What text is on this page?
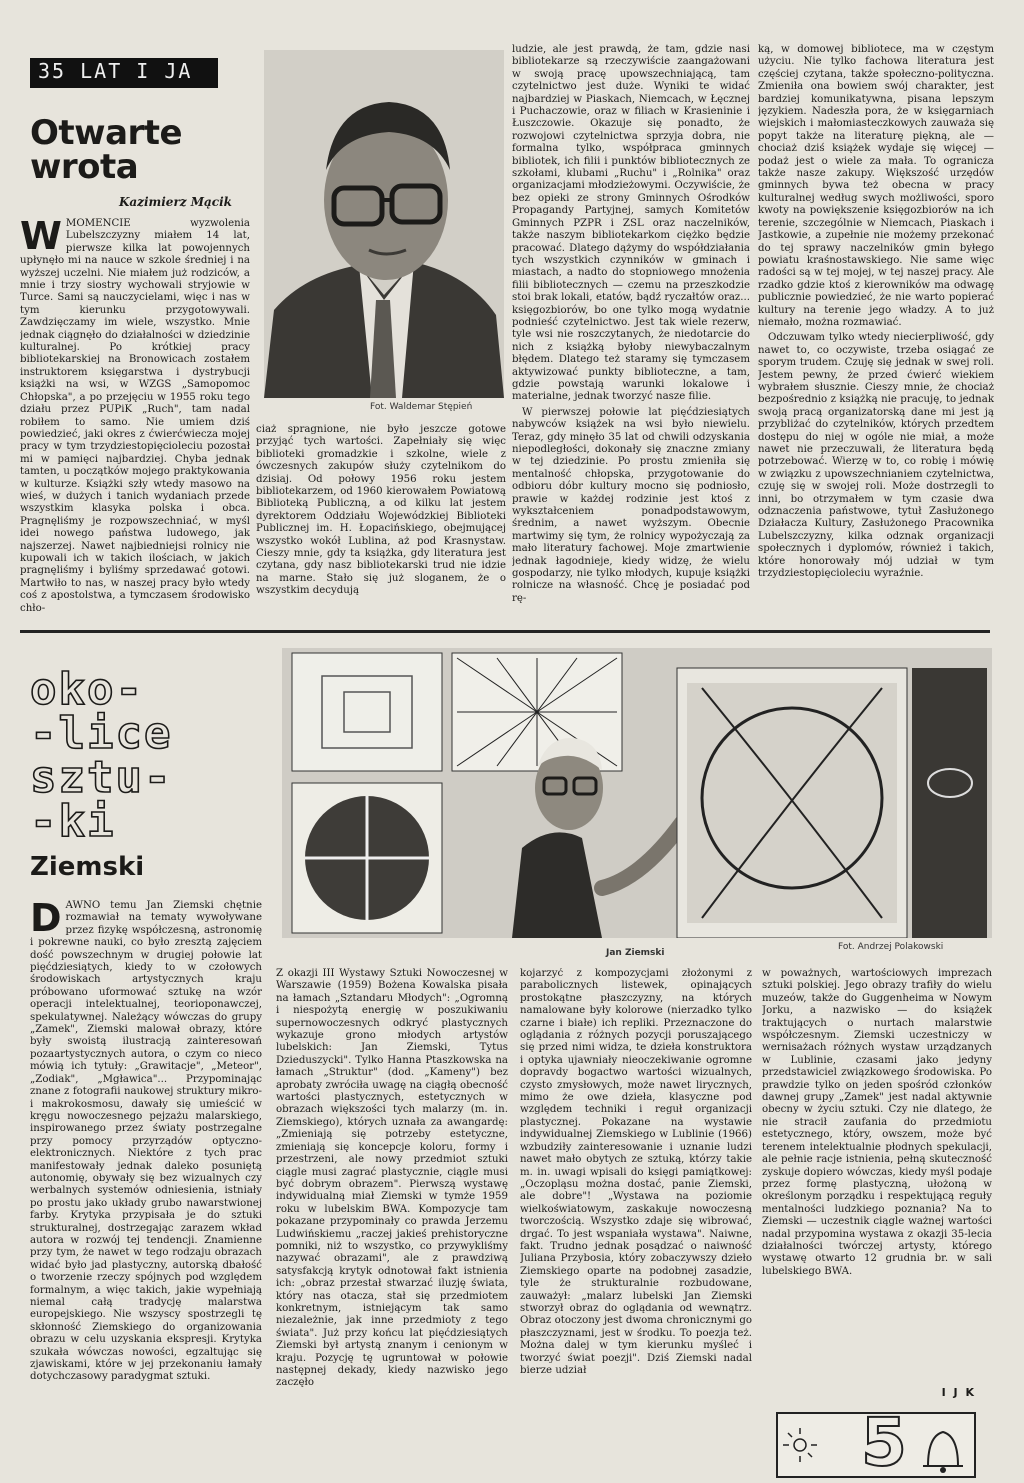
35 LAT I JA
Otwarte wrota
Kazimierz Mącik
W MOMENCIE wyzwolenia Lubelszczyzny miałem 14 lat, pierwsze kilka lat powojennych upłynęło mi na nauce w szkole średniej i na wyższej uczelni. Nie miałem już rodziców, a mnie i trzy siostry wychowali stryjowie w Turce. Sami są nauczycielami, więc i nas w tym kierunku przygotowywali. Zawdzięczamy im wiele, wszystko. Mnie jednak ciągnęło do działalności w dziedzinie kulturalnej. Po krótkiej pracy bibliotekarskiej na Bronowicach zostałem instruktorem księgarstwa i dystrybucji książki na wsi, w WZGS „Samopomoc Chłopska", a po przejęciu w 1955 roku tego działu przez PUPiK „Ruch", tam nadal robiłem to samo. Nie umiem dziś powiedzieć, jaki okres z ćwierćwiecza mojej pracy w tym trzydziestopięcioleciu pozostał mi w pamięci najbardziej. Chyba jednak tamten, u początków mojego praktykowania w kulturze. Książki szły wtedy masowo na wieś, w dużych i tanich wydaniach przede wszystkim klasyka polska i obca. Pragnęliśmy je rozpowszechniać, w myśl idei nowego państwa ludowego, jak najszerzej. Nawet najbiedniejsi rolnicy nie kupowali ich w takich ilościach, w jakich pragnęliśmy i byliśmy sprzedawać gotowi. Martwiło to nas, w naszej pracy było wtedy coś z apostolstwa, a tymczasem środowisko chło-
Fot. Waldemar Stępień
ciaż spragnione, nie było jeszcze gotowe przyjąć tych wartości. Zapełniały się więc biblioteki gromadzkie i szkolne, wiele z ówczesnych zakupów służy czytelnikom do dzisiaj. Od połowy 1956 roku jestem bibliotekarzem, od 1960 kierowałem Powiatową Biblioteką Publiczną, a od kilku lat jestem dyrektorem Oddziału Wojewódzkiej Biblioteki Publicznej im. H. Łopacińskiego, obejmującej wszystko wokół Lublina, aż pod Krasnystaw. Cieszy mnie, gdy ta książka, gdy literatura jest czytana, gdy nasz bibliotekarski trud nie idzie na marne. Stało się już sloganem, że o wszystkim decydują

ludzie, ale jest prawdą, że tam, gdzie nasi bibliotekarze są rzeczywiście zaangażowani w swoją pracę upowszechniającą, tam czytelnictwo jest duże. Wyniki te widać najbardziej w Piaskach, Niemcach, w Łęcznej i Puchaczowie, oraz w filiach w Krasieninie i Łuszczowie. Okazuje się ponadto, że rozwojowi czytelnictwa sprzyja dobra, nie formalna tylko, współpraca gminnych bibliotek, ich filii i punktów bibliotecznych ze szkołami, klubami „Ruchu" i „Rolnika" oraz organizacjami młodzieżowymi. Oczywiście, że bez opieki ze strony Gminnych Ośrodków Propagandy Partyjnej, samych Komitetów Gminnych PZPR i ZSL oraz naczelników, także naszym bibliotekarkom ciężko będzie pracować. Dlatego dążymy do współdziałania tych wszystkich czynników w gminach i miastach, a nadto do stopniowego mnożenia filii bibliotecznych — czemu na przeszkodzie stoi brak lokali, etatów, bądź ryczałtów oraz... księgozbiorów, bo one tylko mogą wydatnie podnieść czytelnictwo. Jest tak wiele rezerw, tyle wsi nie roszczytanych, że niedotarcie do nich z książką byłoby niewybaczalnym błędem. Dlatego też staramy się tymczasem aktywizować punkty biblioteczne, a tam, gdzie powstają warunki lokalowe i materialne, jednak tworzyć nasze filie.

W pierwszej połowie lat pięćdziesiątych nabywców książek na wsi było niewielu. Teraz, gdy minęło 35 lat od chwili odzyskania niepodległości, dokonały się znaczne zmiany w tej dziedzinie. Po prostu zmieniła się mentalność chłopska, przygotowanie do odbioru dóbr kultury mocno się podniosło, prawie w każdej rodzinie jest ktoś z wykształceniem ponadpodstawowym, średnim, a nawet wyższym. Obecnie martwimy się tym, że rolnicy wypożyczają za mało literatury fachowej. Moje zmartwienie jednak łagodnieje, kiedy widzę, że wielu gospodarzy, nie tylko młodych, kupuje książki rolnicze na własność. Chcę je posiadać pod rę-

ką, w domowej bibliotece, ma w częstym użyciu. Nie tylko fachowa literatura jest częściej czytana, także społeczno-polityczna. Zmieniła ona bowiem swój charakter, jest bardziej komunikatywna, pisana lepszym językiem. Nadeszła pora, że w księgarniach wiejskich i małomiasteczkowych zauważa się popyt także na literaturę piękną, ale — chociaż dziś książek wydaje się więcej — podaż jest o wiele za mała. To ogranicza także nasze zakupy. Większość urzędów gminnych bywa też obecna w pracy kulturalnej według swych możliwości, sporo kwoty na powiększenie księgozbiorów na ich terenie, szczególnie w Niemcach, Piaskach i Jastkowie, a zupełnie nie możemy przekonać do tej sprawy naczelników gmin byłego powiatu kraśnostawskiego. Nie same więc radości są w tej mojej, w tej naszej pracy. Ale rzadko gdzie ktoś z kierowników ma odwagę publicznie powiedzieć, że nie warto popierać kultury na terenie jego władzy. A to już niemało, można rozmawiać.

Odczuwam tylko wtedy niecierpliwość, gdy nawet to, co oczywiste, trzeba osiągać ze sporym trudem. Czuję się jednak w swej roli. Jestem pewny, że przed ćwierć wiekiem wybrałem słusznie. Cieszy mnie, że chociaż bezpośrednio z książką nie pracuję, to jednak swoją pracą organizatorską dane mi jest ją przybliżać do czytelników, których przedtem dostępu do niej w ogóle nie miał, a może nawet nie przeczuwali, że literatura będą potrzebować. Wierzę w to, co robię i mówię w związku z upowszechnianiem czytelnictwa, czuję się w swojej roli. Może dostrzegli to inni, bo otrzymałem w tym czasie dwa odznaczenia państwowe, tytuł Zasłużonego Działacza Kultury, Zasłużonego Pracownika Lubelszczyzny, kilka odznak organizacji społecznych i dyplomów, również i takich, które honorowały mój udział w tym trzydziestopięcioleciu wyraźnie.

oko-
-lice
sztu-
-ki
Ziemski
Jan Ziemski
Fot. Andrzej Polakowski
D AWNO temu Jan Ziemski chętnie rozmawiał na tematy wywoływane przez fizykę współczesną, astronomię i pokrewne nauki, co było zresztą zajęciem dość powszechnym w drugiej połowie lat pięćdziesiątych, kiedy to w czołowych środowiskach artystycznych kraju próbowano uformować sztukę na wzór operacji intelektualnej, teorioponawczej, spekulatywnej. Należący wówczas do grupy „Zamek", Ziemski malował obrazy, które były swoistą ilustracją zainteresowań pozaartystycznych autora, o czym co nieco mówią ich tytuły: „Grawitacje", „Meteor", „Zodiak", „Mgławica"... Przypominając znane z fotografii naukowej struktury mikro- i makrokosmosu, dawały się umieścić w kręgu nowoczesnego pejzażu malarskiego, inspirowanego przez światy postrzegalne przy pomocy przyrządów optyczno-elektronicznych. Niektóre z tych prac manifestowały jednak daleko posuniętą autonomię, obywały się bez wizualnych czy werbalnych systemów odniesienia, istniały po prostu jako układy grubo nawarstwionej farby. Krytyka przypisała je do sztuki strukturalnej, dostrzegając zarazem wkład autora w rozwój tej tendencji. Znamienne przy tym, że nawet w tego rodzaju obrazach widać było jad plastyczny, autorską dbałość o tworzenie rzeczy spójnych pod względem formalnym, a więc takich, jakie wypełniają niemal całą tradycję malarstwa europejskiego. Nie wszyscy spostrzegli tę skłonność Ziemskiego do organizowania obrazu w celu uzyskania ekspresji. Krytyka szukała wówczas nowości, egzaltując się zjawiskami, które w jej przekonaniu łamały dotychczasowy paradygmat sztuki.
Z okazji III Wystawy Sztuki Nowoczesnej w Warszawie (1959) Bożena Kowalska pisała na łamach „Sztandaru Młodych": „Ogromną i niespożytą energię w poszukiwaniu supernowoczesnych odkryć plastycznych wykazuje grono młodych artystów lubelskich: Jan Ziemski, Tytus Dzieduszycki". Tylko Hanna Ptaszkowska na łamach „Struktur" (dod. „Kameny") bez aprobaty zwróciła uwagę na ciągłą obecność wartości plastycznych, estetycznych w obrazach większości tych malarzy (m. in. Ziemskiego), których uznała za awangardę: „Zmieniają się potrzeby estetyczne, zmieniają się koncepcje koloru, formy i przestrzeni, ale nowy przedmiot sztuki ciągle musi zagrać plastycznie, ciągle musi być dobrym obrazem". Pierwszą wystawę indywidualną miał Ziemski w tymże 1959 roku w lubelskim BWA. Kompozycje tam pokazane przypominały co prawda Jerzemu Ludwińskiemu „raczej jakieś prehistoryczne pomniki, niż to wszystko, co przywykliśmy nazywać obrazami", ale z prawdziwą satysfakcją krytyk odnotował fakt istnienia ich: „obraz przestał stwarzać iluzję świata, który nas otacza, stał się przedmiotem konkretnym, istniejącym tak samo niezależnie, jak inne przedmioty z tego świata". Już przy końcu lat pięćdziesiątych Ziemski był artystą znanym i cenionym w kraju. Pozycję tę ugruntował w połowie następnej dekady, kiedy nazwisko jego zaczęło
kojarzyć z kompozycjami złożonymi z parabolicznych listewek, opinających prostokątne płaszczyzny, na których namalowane były kolorowe (nierzadko tylko czarne i białe) ich repliki. Przeznaczone do oglądania z różnych pozycji poruszającego się przed nimi widza, te dzieła konstruktora i optyka ujawniały nieoczekiwanie ogromne dopravdy bogactwo wartości wizualnych, czysto zmysłowych, może nawet lirycznych, mimo że owe dzieła, klasyczne pod względem techniki i reguł organizacji plastycznej. Pokazane na wystawie indywidualnej Ziemskiego w Lublinie (1966) wzbudziły zainteresowanie i uznanie ludzi nawet mało obytych ze sztuką, którzy takie m. in. uwagi wpisali do księgi pamiątkowej: „Oczopląsu można dostać, panie Ziemski, ale dobre"! „Wystawa na poziomie wielkoświatowym, zaskakuje nowoczesną tworczością. Wszystko zdaje się wibrować, drgać. To jest wspaniała wystawa". Naiwne, fakt. Trudno jednak posądzać o naiwność Juliana Przybosia, który zobaczywszy dzieło Ziemskiego oparte na podobnej zasadzie, tyle że strukturalnie rozbudowane, zauważył: „malarz lubelski Jan Ziemski stworzył obraz do oglądania od wewnątrz. Obraz otoczony jest dwoma chronicznymi go płaszczyznami, jest w środku. To poezja też. Można dalej w tym kierunku myśleć i tworzyć świat poezji". Dziś Ziemski nadal bierze udział
w poważnych, wartościowych imprezach sztuki polskiej. Jego obrazy trafiły do wielu muzeów, także do Guggenheima w Nowym Jorku, a nazwisko — do książek traktujących o nurtach malarstwie współczesnym. Ziemski uczestniczy w wernisażach różnych wystaw urządzanych w Lublinie, czasami jako jedyny przedstawiciel związkowego środowiska. Po prawdzie tylko on jeden spośród członków dawnej grupy „Zamek" jest nadal aktywnie obecny w życiu sztuki. Czy nie dlatego, że nie stracił zaufania do przedmiotu estetycznego, który, owszem, może być terenem intelektualnie płodnych spekulacji, ale pełnie racje istnienia, pełną skuteczność zyskuje dopiero wówczas, kiedy myśl podaje przez formę plastyczną, ułożoną w określonym porządku i respektującą reguły mentalności ludzkiego poznania? Na to Ziemski — uczestnik ciągle ważnej wartości nadal przypomina wystawa z okazji 35-lecia działalności twórczej artysty, którego wystawę otwarto 12 grudnia br. w sali lubelskiego BWA.
I J K
5
